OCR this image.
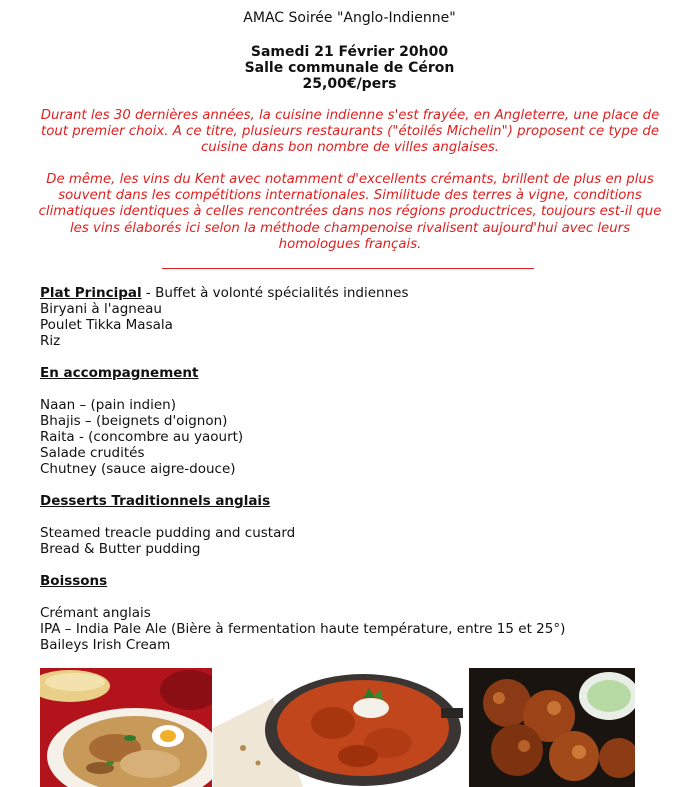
AMAC Soirée "Anglo-Indienne"
Samedi 21 Février 20h00
Salle communale de Céron
25,00€/pers
Durant les 30 dernières années, la cuisine indienne s'est frayée, en Angleterre, une place de tout premier choix. A ce titre, plusieurs restaurants ("étoilés Michelin") proposent ce type de cuisine dans bon nombre de villes anglaises.
De même, les vins du Kent avec notamment d'excellents crémants, brillent de plus en plus souvent dans les compétitions internationales. Similitude des terres à vigne, conditions climatiques identiques à celles rencontrées dans nos régions productrices, toujours est-il que les vins élaborés ici selon la méthode champenoise rivalisent aujourd'hui avec leurs homologues français.

Plat Principal - Buffet à volonté spécialités indiennes

Biryani à l'agneau

Poulet Tikka Masala

Riz

En accompagnement

Naan – (pain indien)

Bhajis – (beignets d'oignon)

Raita - (concombre au yaourt)

Salade crudités

Chutney (sauce aigre-douce)

Desserts Traditionnels anglais

Steamed treacle pudding and custard

Bread & Butter pudding

Boissons

Crémant anglais

IPA – India Pale Ale (Bière à fermentation haute température, entre 15 et 25°)

Baileys Irish Cream
